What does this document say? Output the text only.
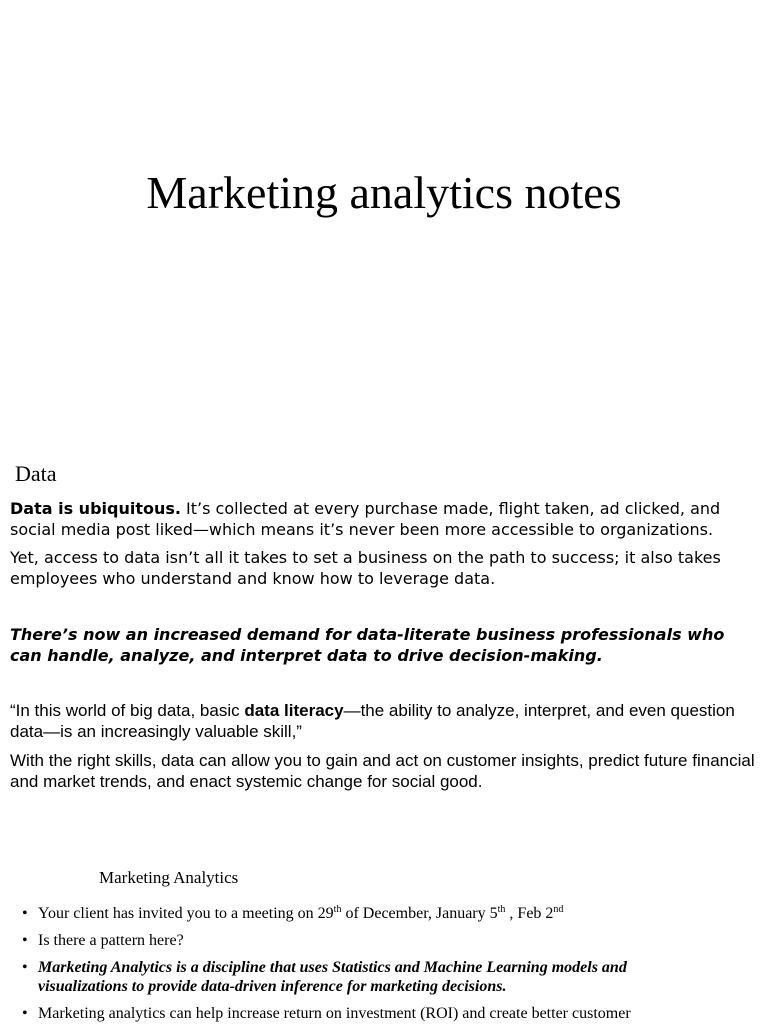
Marketing analytics notes
Data

Data is ubiquitous. It’s collected at every purchase made, flight taken, ad clicked, and social media post liked—which means it’s never been more accessible to organizations.

Yet, access to data isn’t all it takes to set a business on the path to success; it also takes employees who understand and know how to leverage data.

There’s now an increased demand for data-literate business professionals who can handle, analyze, and interpret data to drive decision-making.

“In this world of big data, basic data literacy—the ability to analyze, interpret, and even question data—is an increasingly valuable skill,”

With the right skills, data can allow you to gain and act on customer insights, predict future financial and market trends, and enact systemic change for social good.

Marketing Analytics
• Your client has invited you to a meeting on 29th of December, January 5th , Feb 2nd
• Is there a pattern here?
• Marketing Analytics is a discipline that uses Statistics and Machine Learning models and visualizations to provide data-driven inference for marketing decisions.
• Marketing analytics can help increase return on investment (ROI) and create better customer
